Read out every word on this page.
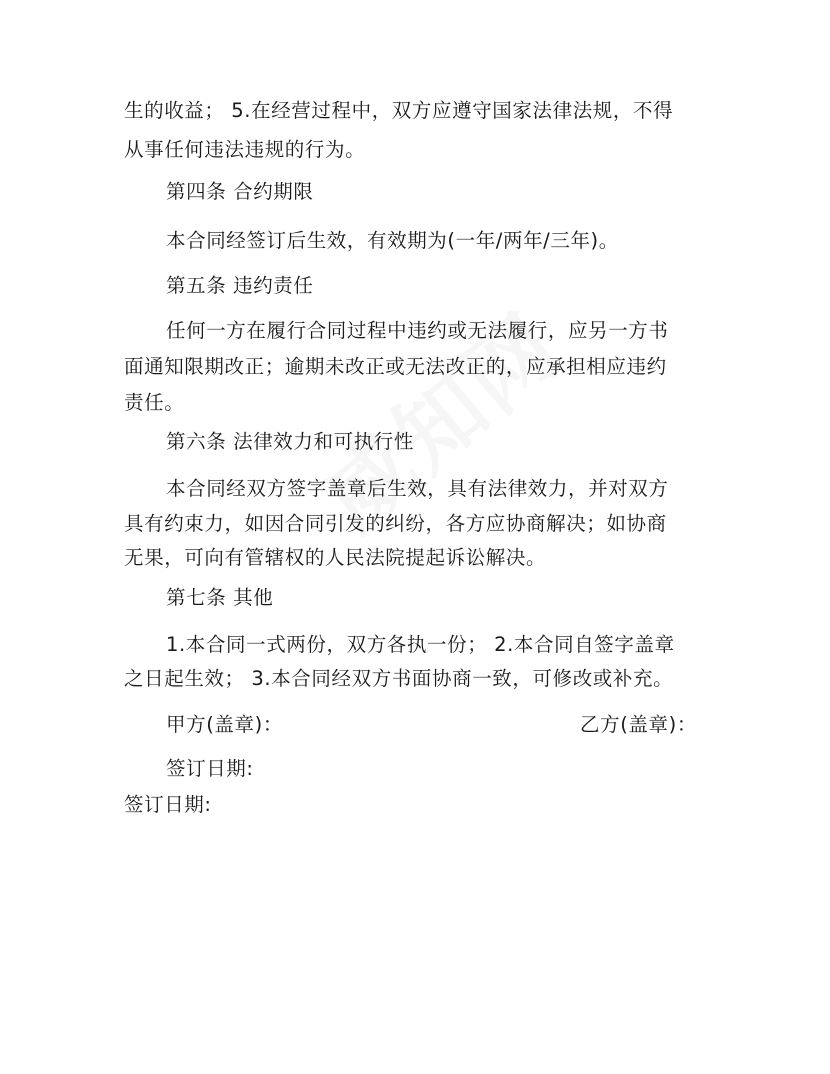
生的收益； 5.在经营过程中，双方应遵守国家法律法规，不得
从事任何违法违规的行为。
第四条 合约期限
本合同经签订后生效，有效期为(一年/两年/三年)。
第五条 违约责任
任何一方在履行合同过程中违约或无法履行，应另一方书
面通知限期改正；逾期未改正或无法改正的，应承担相应违约
责任。
第六条 法律效力和可执行性
本合同经双方签字盖章后生效，具有法律效力，并对双方
具有约束力，如因合同引发的纠纷，各方应协商解决；如协商
无果，可向有管辖权的人民法院提起诉讼解决。
第七条 其他
1.本合同一式两份，双方各执一份； 2.本合同自签字盖章
之日起生效； 3.本合同经双方书面协商一致，可修改或补充。
甲方(盖章)：	乙方(盖章)：
签订日期:
签订日期:
